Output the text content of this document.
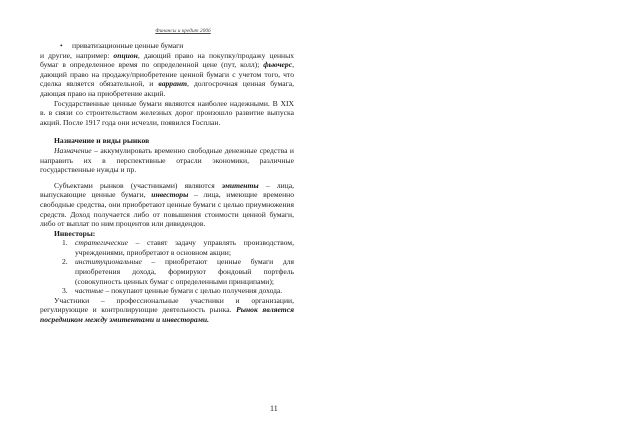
Финансы и кредит 2006
•	приватизационные ценные бумаги

и другие, например: опцион, дающий право на покупку/продажу ценных бумаг в определенное время по определенной цене (пут, колл); фьючерс, дающий право на продажу/приобретение ценной бумаги с учетом того, что сделка является обязательной, и варрант, долгосрочная ценная бумага, дающая право на приобретение акций.

Государственные ценные бумаги являются наиболее надежными. В XIX в. в связи со строительством железных дорог произошло развитие выпуска акций. После 1917 года они исчезли, появился Госплан.

Назначение и виды рынков

Назначение – аккумулировать временно свободные денежные средства и направить их в перспективные отрасли экономики, различные государственные нужды и пр.

Субъектами рынков (участниками) являются эмитенты – лица, выпускающие ценные бумаги, инвесторы – лица, имеющие временно свободные средства, они приобретают ценные бумаги с целью приумножения средств. Доход получается либо от повышения стоимости ценной бумаги, либо от выплат по ним процентов или дивидендов.

Инвесторы:
1. стратегические – ставят задачу управлять производством, учреждениями, приобретают в основном акции;
2. институциональные – приобретают ценные бумаги для приобретения дохода, формируют фондовый портфель (совокупность ценных бумаг с определенными принципами);
3. частные – покупают ценные бумаги с целью получения дохода.

Участники – профессиональные участники и организации, регулирующие и контролирующие деятельность рынка. Рынок является посредником между эмитентами и инвесторами.

11
